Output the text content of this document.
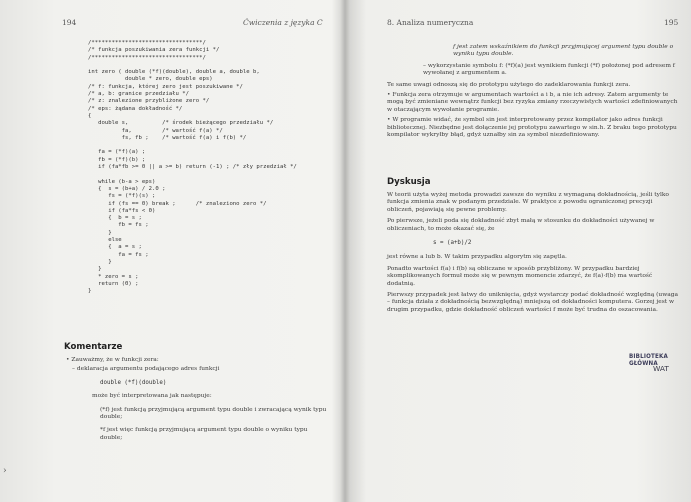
194	Ćwiczenia z języka C
/*********************************/
/* funkcja poszukiwania zera funkcji */
/*********************************/

int zero ( double (*f)(double), double a, double b,
double * zero, double eps)
/* f: funkcja, której zero jest poszukiwane */
/* a, b: granice przedziału */
/* z: znalezione przybliżone zero */
/* eps: żądana dokładność */
{
double s,          /* środek bieżącego przedziału */
fa,         /* wartość f(a) */
fs, fb ;    /* wartość f(a) i f(b) */

fa = (*f)(a) ;
fb = (*f)(b) ;
if (fa*fb >= 0 || a >= b) return (-1) ; /* zły przedział */

while (b-a > eps)
{  s = (b+a) / 2.0 ;
fs = (*f)(s) ;
if (fs == 0) break ;      /* znaleziono zero */
if (fa*fs < 0)
{  b = s ;
fb = fs ;
}
else
{  a = s ;
fa = fs ;
}
}
* zero = s ;
return (0) ;
}
Komentarze
• Zauważmy, że w funkcji zera:
– deklaracja argumentu podającego adres funkcji
double (*f)(double)
może być interpretowana jak następuje:
(*f) jest funkcją przyjmującą argument typu double i zwracającą wynik typu double;
*f jest więc funkcją przyjmującą argument typu double o wyniku typu double;
8. Analiza numeryczna	195
f jest zatem wskaźnikiem do funkcji przyjmującej argument typu double o wyniku typu double.
– wykorzystanie symbolu f: (*f)(a) jest wynikiem funkcji (*f) położonej pod adresem f wywołanej z argumentem a.
Te same uwagi odnoszą się do prototypu użytego do zadeklarowania funkcji zera.
• Funkcja zera otrzymuje w argumentach wartości a i b, a nie ich adresy. Zatem argumenty te mogą być zmieniane wewnątrz funkcji bez ryzyka zmiany rzeczywistych wartości zdefiniowanych w otaczającym wywołanie programie.
• W programie widać, że symbol sin jest interpretowany przez kompilator jako adres funkcji bibliotecznej. Niezbędne jest dołączenie jej prototypu zawartego w sin.h. Z braku tego prototypu kompilator wykryłby błąd, gdyż uznałby sin za symbol niezdefiniowany.
Dyskusja
W teorii użyta wyżej metoda prowadzi zawsze do wyniku z wymaganą dokładnością, jeśli tylko funkcja zmienia znak w podanym przedziale. W praktyce z powodu ograniczonej precyzji obliczeń, pojawiają się pewne problemy.
Po pierwsze, jeżeli poda się dokładność zbyt małą w stosunku do dokładności używanej w obliczeniach, to może okazać się, że
s = (a+b)/2
jest równe a lub b. W takim przypadku algorytm się zapętla.
Ponadto wartości f(a) i f(b) są obliczane w sposób przybliżony. W przypadku bardziej skomplikowanych formuł może się w pewnym momencie zdarzyć, że f(a)·f(b) ma wartość dodatnią.
Pierwszy przypadek jest łatwy do uniknięcia, gdyż wystarczy podać dokładność względną (uwaga – funkcja działa z dokładnością bezwzględną) mniejszą od dokładności komputera. Gorzej jest w drugim przypadku, gdzie dokładność obliczeń wartości f może być trudna do oszacowania.
BIBLIOTEKA GŁÓWNA
WAT
›
